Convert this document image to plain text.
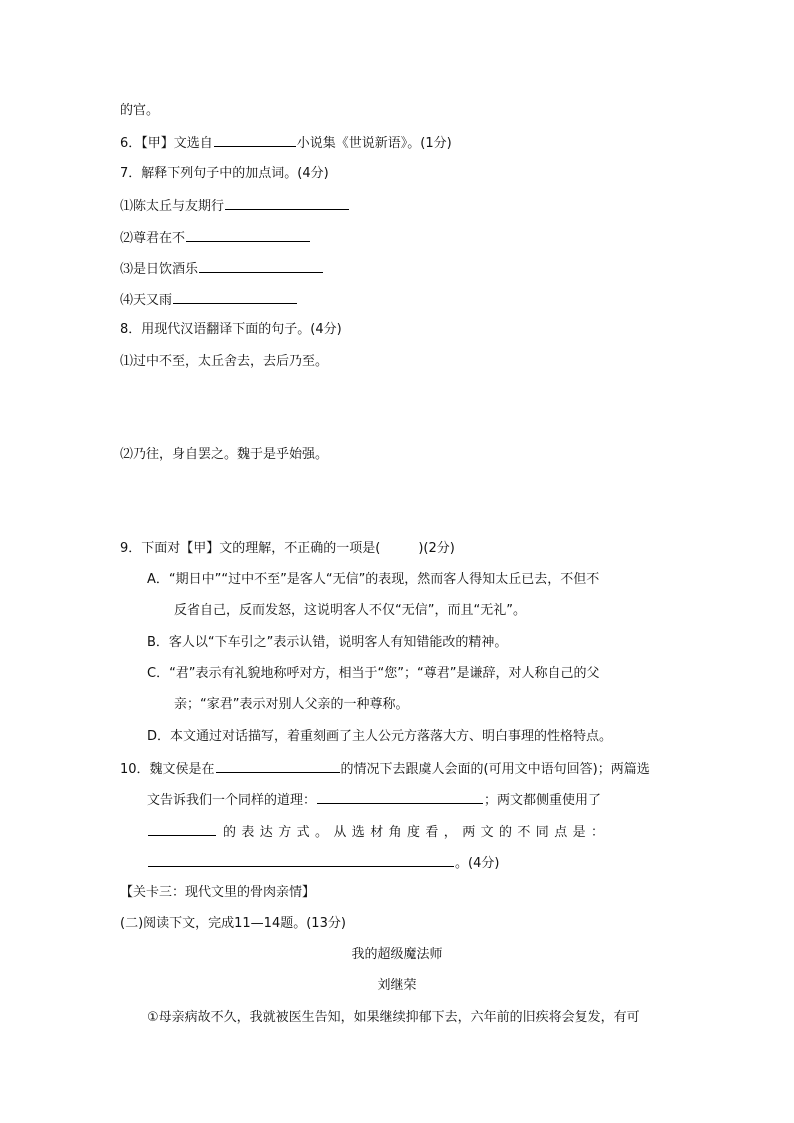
的官。
6．【甲】文选自	小说集《世说新语》。(1分)
7．解释下列句子中的加点词。(4分)
⑴陈太丘与友期行
⑵尊君在不
⑶是日饮酒乐
⑷天又雨
8．用现代汉语翻译下面的句子。(4分)
⑴过中不至，太丘舍去，去后乃至。
⑵乃往，身自罢之。魏于是乎始强。
9．下面对【甲】文的理解，不正确的一项是(	)(2分)
A．“期日中”“过中不至”是客人“无信”的表现，然而客人得知太丘已去，不但不
反省自己，反而发怒，这说明客人不仅“无信”，而且“无礼”。
B．客人以“下车引之”表示认错，说明客人有知错能改的精神。
C．“君”表示有礼貌地称呼对方，相当于“您”；“尊君”是谦辞，对人称自己的父
亲；“家君”表示对别人父亲的一种尊称。
D．本文通过对话描写，着重刻画了主人公元方落落大方、明白事理的性格特点。
10．魏文侯是在	的情况下去跟虞人会面的(可用文中语句回答)；两篇选
文告诉我们一个同样的道理：	；两文都侧重使用了
的表达方式。从选材角度看，两文的不同点是：
。(4分)
【关卡三：现代文里的骨肉亲情】
(二)阅读下文，完成11—14题。(13分)
我的超级魔法师
刘继荣
①母亲病故不久，我就被医生告知，如果继续抑郁下去，六年前的旧疾将会复发，有可
